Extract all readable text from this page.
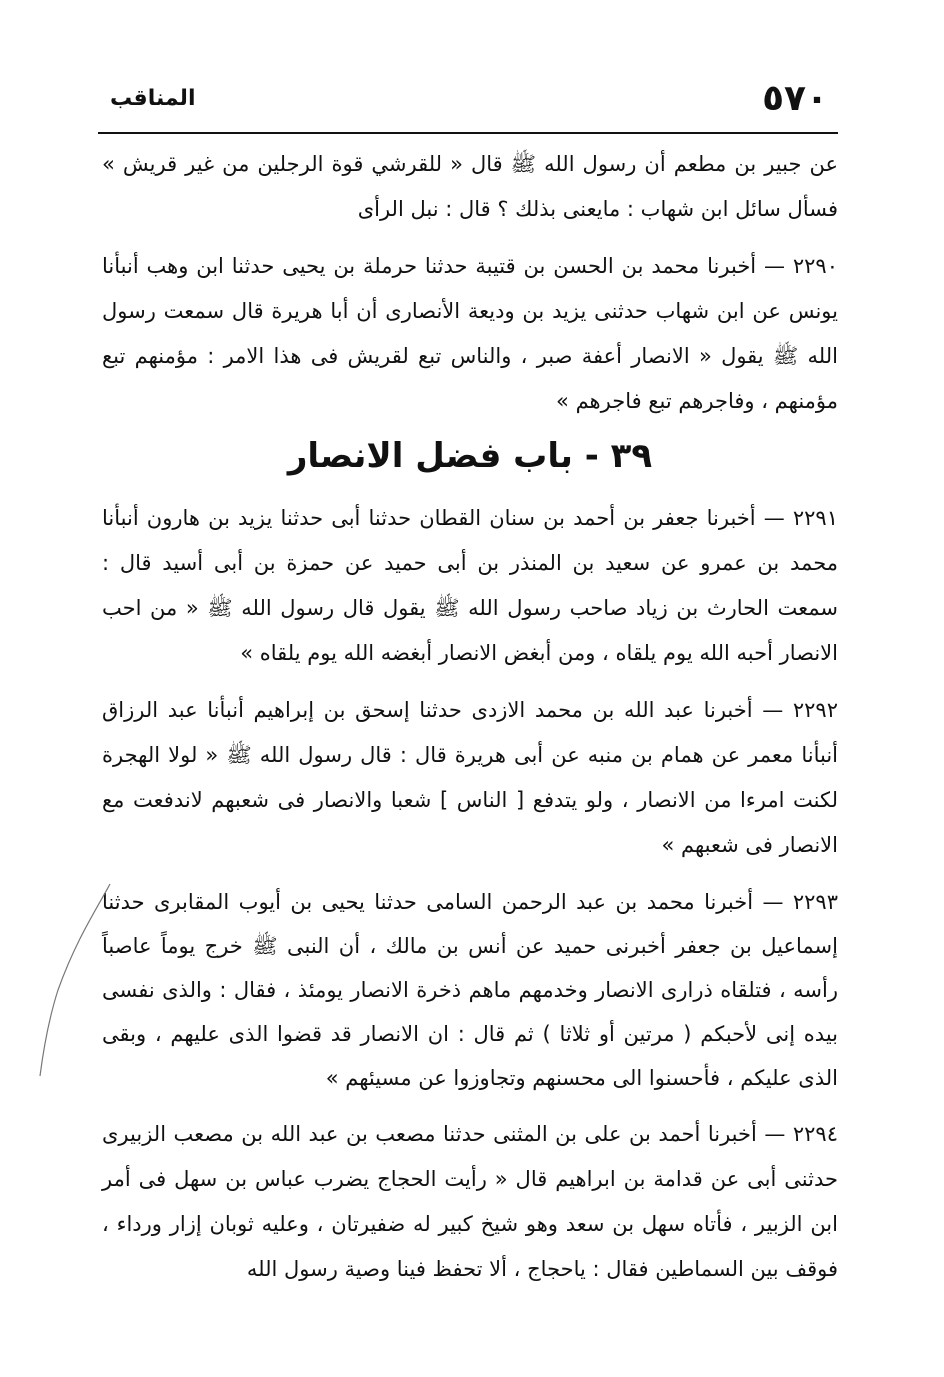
٥٧٠
المناقب

عن جبير بن مطعم أن رسول الله ﷺ قال « للقرشي قوة الرجلين من غير قريش » فسأل سائل ابن شهاب : مايعنى بذلك ؟ قال : نبل الرأى

٢٢٩٠ — أخبرنا محمد بن الحسن بن قتيبة حدثنا حرملة بن يحيى حدثنا ابن وهب أنبأنا يونس عن ابن شهاب حدثنى يزيد بن وديعة الأنصارى أن أبا هريرة قال سمعت رسول الله ﷺ يقول « الانصار أعفة صبر ، والناس تبع لقريش فى هذا الامر : مؤمنهم تبع مؤمنهم ، وفاجرهم تبع فاجرهم »

٣٩ - باب فضل الانصار

٢٢٩١ — أخبرنا جعفر بن أحمد بن سنان القطان حدثنا أبى حدثنا يزيد بن هارون أنبأنا محمد بن عمرو عن سعيد بن المنذر بن أبى حميد عن حمزة بن أبى أسيد قال : سمعت الحارث بن زياد صاحب رسول الله ﷺ يقول قال رسول الله ﷺ « من احب الانصار أحبه الله يوم يلقاه ، ومن أبغض الانصار أبغضه الله يوم يلقاه »

٢٢٩٢ — أخبرنا عبد الله بن محمد الازدى حدثنا إسحق بن إبراهيم أنبأنا عبد الرزاق أنبأنا معمر عن همام بن منبه عن أبى هريرة قال : قال رسول الله ﷺ « لولا الهجرة لكنت امرءا من الانصار ، ولو يتدفع [ الناس ] شعبا والانصار فى شعبهم لاندفعت مع الانصار فى شعبهم »

٢٢٩٣ — أخبرنا محمد بن عبد الرحمن السامى حدثنا يحيى بن أيوب المقابرى حدثنا إسماعيل بن جعفر أخبرنى حميد عن أنس بن مالك ، أن النبى ﷺ خرج يوماً عاصباً رأسه ، فتلقاه ذرارى الانصار وخدمهم ماهم ذخرة الانصار يومئذ ، فقال : والذى نفسى بيده إنى لأحبكم ( مرتين أو ثلاثا ) ثم قال : ان الانصار قد قضوا الذى عليهم ، وبقى الذى عليكم ، فأحسنوا الى محسنهم وتجاوزوا عن مسيئهم »

٢٢٩٤ — أخبرنا أحمد بن على بن المثنى حدثنا مصعب بن عبد الله بن مصعب الزبيرى حدثنى أبى عن قدامة بن ابراهيم قال « رأيت الحجاج يضرب عباس بن سهل فى أمر ابن الزبير ، فأتاه سهل بن سعد وهو شيخ كبير له ضفيرتان ، وعليه ثوبان إزار ورداء ، فوقف بين السماطين فقال : ياحجاج ، ألا تحفظ فينا وصية رسول الله
